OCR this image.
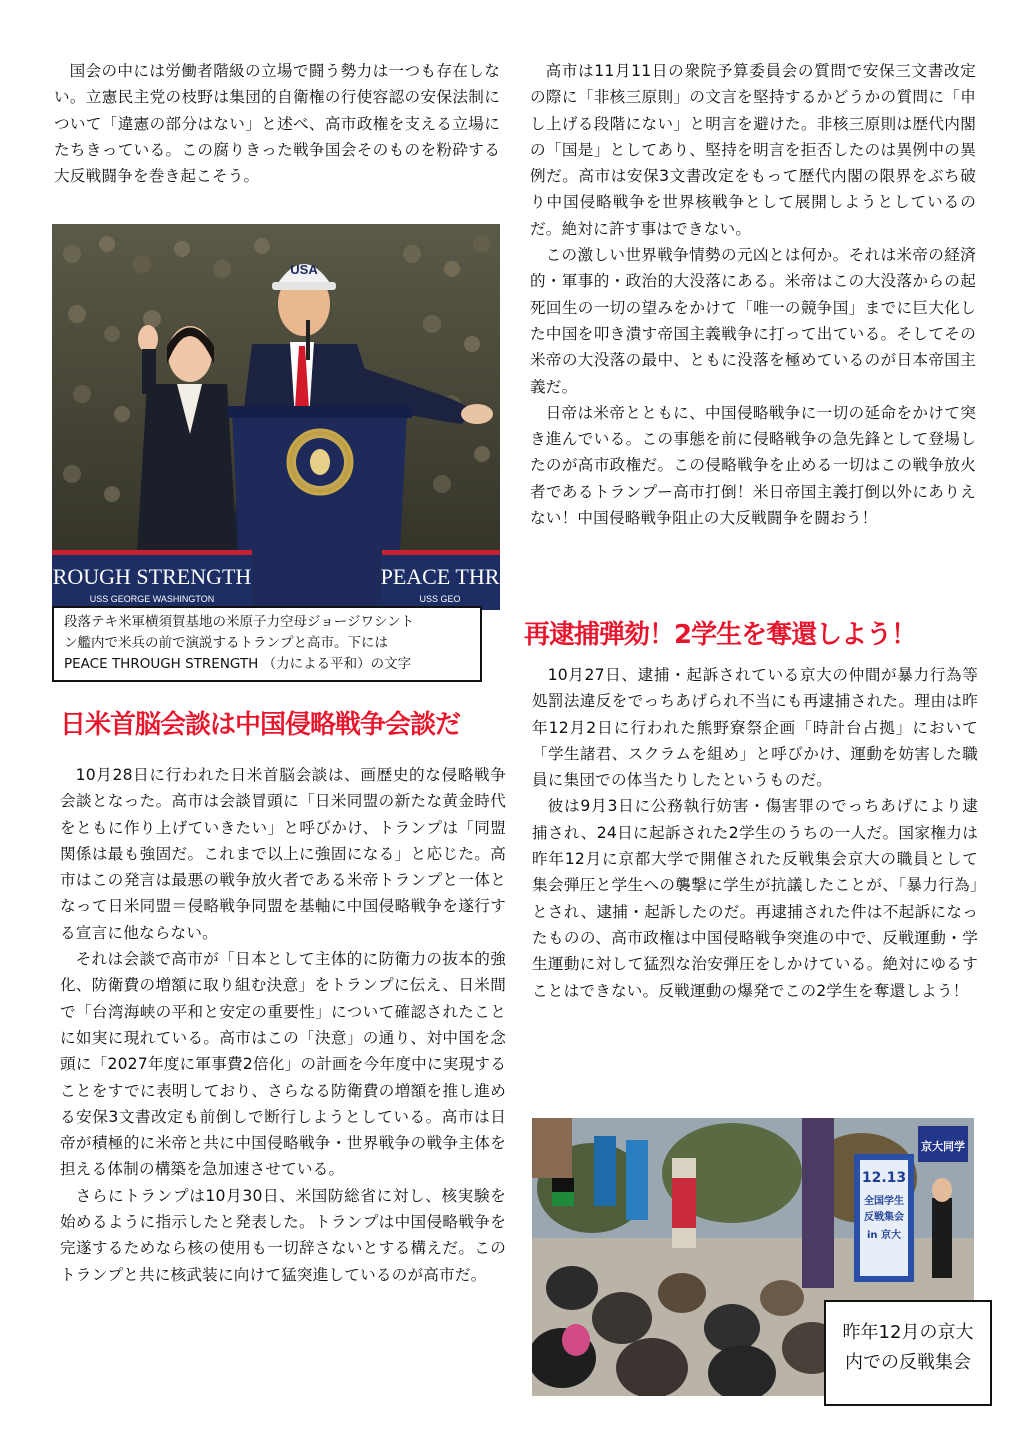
国会の中には労働者階級の立場で闘う勢力は一つも存在しない。立憲民主党の枝野は集団的自衛権の行使容認の安保法制について「違憲の部分はない」と述べ、高市政権を支える立場にたちきっている。この腐りきった戦争国会そのものを粉砕する大反戦闘争を巻き起こそう。

USA
ROUGH STRENGTH
USS GEORGE WASHINGTON
PEACE THR
USS GEO
段落テキ米軍横須賀基地の米原子力空母ジョージワシント
ン艦内で米兵の前で演説するトランプと高市。下には
PEACE THROUGH STRENGTH （力による平和）の文字
日米首脳会談は中国侵略戦争会談だ

10月28日に行われた日米首脳会談は、画歴史的な侵略戦争会談となった。高市は会談冒頭に「日米同盟の新たな黄金時代をともに作り上げていきたい」と呼びかけ、トランプは「同盟関係は最も強固だ。これまで以上に強固になる」と応じた。高市はこの発言は最悪の戦争放火者である米帝トランプと一体となって日米同盟＝侵略戦争同盟を基軸に中国侵略戦争を遂行する宣言に他ならない。

それは会談で高市が「日本として主体的に防衛力の抜本的強化、防衛費の増額に取り組む決意」をトランプに伝え、日米間で「台湾海峡の平和と安定の重要性」について確認されたことに如実に現れている。高市はこの「決意」の通り、対中国を念頭に「2027年度に軍事費2倍化」の計画を今年度中に実現することをすでに表明しており、さらなる防衛費の増額を推し進める安保3文書改定も前倒しで断行しようとしている。高市は日帝が積極的に米帝と共に中国侵略戦争・世界戦争の戦争主体を担える体制の構築を急加速させている。

さらにトランプは10月30日、米国防総省に対し、核実験を始めるように指示したと発表した。トランプは中国侵略戦争を完遂するためなら核の使用も一切辞さないとする構えだ。このトランプと共に核武装に向けて猛突進しているのが高市だ。

高市は11月11日の衆院予算委員会の質問で安保三文書改定の際に「非核三原則」の文言を堅持するかどうかの質問に「申し上げる段階にない」と明言を避けた。非核三原則は歴代内閣の「国是」としてあり、堅持を明言を拒否したのは異例中の異例だ。高市は安保3文書改定をもって歴代内閣の限界をぶち破り中国侵略戦争を世界核戦争として展開しようとしているのだ。絶対に許す事はできない。

この激しい世界戦争情勢の元凶とは何か。それは米帝の経済的・軍事的・政治的大没落にある。米帝はこの大没落からの起死回生の一切の望みをかけて「唯一の競争国」までに巨大化した中国を叩き潰す帝国主義戦争に打って出ている。そしてその米帝の大没落の最中、ともに没落を極めているのが日本帝国主義だ。

日帝は米帝とともに、中国侵略戦争に一切の延命をかけて突き進んでいる。この事態を前に侵略戦争の急先鋒として登場したのが高市政権だ。この侵略戦争を止める一切はこの戦争放火者であるトランプー高市打倒！米日帝国主義打倒以外にありえない！中国侵略戦争阻止の大反戦闘争を闘おう！

再逮捕弾劾！2学生を奪還しよう！

10月27日、逮捕・起訴されている京大の仲間が暴力行為等処罰法違反をでっちあげられ不当にも再逮捕された。理由は昨年12月2日に行われた熊野寮祭企画「時計台占拠」において「学生諸君、スクラムを組め」と呼びかけ、運動を妨害した職員に集団での体当たりしたというものだ。

彼は9月3日に公務執行妨害・傷害罪のでっちあげにより逮捕され、24日に起訴された2学生のうちの一人だ。国家権力は昨年12月に京都大学で開催された反戦集会京大の職員として集会弾圧と学生への襲撃に学生が抗議したことが、「暴力行為」とされ、逮捕・起訴したのだ。再逮捕された件は不起訴になったものの、高市政権は中国侵略戦争突進の中で、反戦運動・学生運動に対して猛烈な治安弾圧をしかけている。絶対にゆるすことはできない。反戦運動の爆発でこの2学生を奪還しよう！

12.13
全国学生
反戦集会
in 京大
京大同学
昨年12月の京大
内での反戦集会
